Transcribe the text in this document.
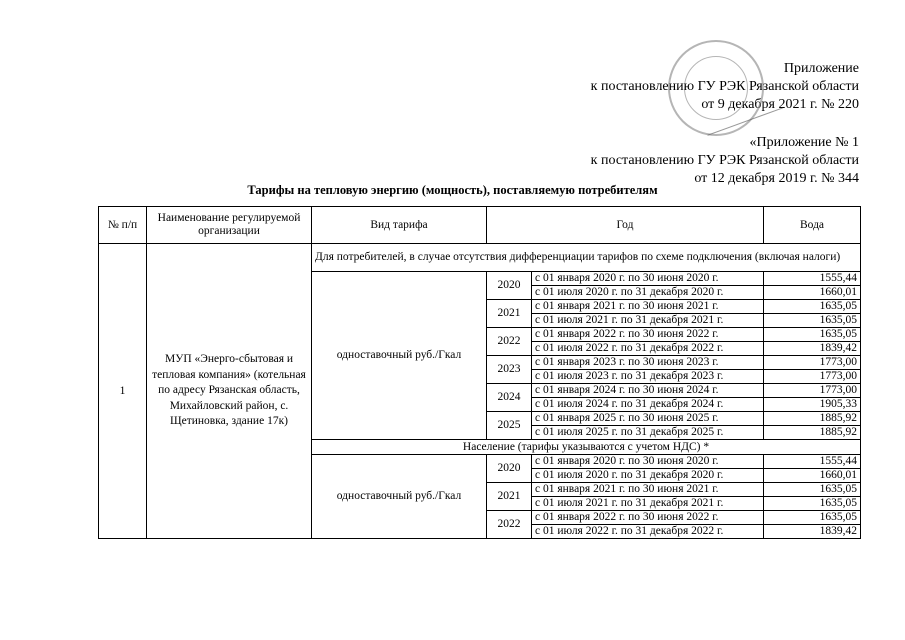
Приложение
к постановлению ГУ РЭК Рязанской области
от 9 декабря 2021 г. № 220
«Приложение № 1
к постановлению ГУ РЭК Рязанской области
от 12 декабря 2019 г. № 344
Тарифы на тепловую энергию (мощность), поставляемую потребителям
№ п/п	Наименование регулируемой организации	Вид тарифа	Год		Вода
1	МУП «Энерго-сбытовая и тепловая компания» (котельная по адресу Рязанская область, Михайловский район, с. Щетиновка, здание 17к)	Для потребителей, в случае отсутствия дифференциации тарифов по схеме подключения (включая налоги)			
		одноставочный руб./Гкал	2020	с 01 января 2020 г. по 30 июня 2020 г.	1555,44
				с 01 июля 2020 г. по 31 декабря 2020 г.	1660,01
			2021	с 01 января 2021 г. по 30 июня 2021 г.	1635,05
				с 01 июля 2021 г. по 31 декабря 2021 г.	1635,05
			2022	с 01 января 2022 г. по 30 июня 2022 г.	1635,05
				с 01 июля 2022 г. по 31 декабря 2022 г.	1839,42
			2023	с 01 января 2023 г. по 30 июня 2023 г.	1773,00
				с 01 июля 2023 г. по 31 декабря 2023 г.	1773,00
			2024	с 01 января 2024 г. по 30 июня 2024 г.	1773,00
				с 01 июля 2024 г. по 31 декабря 2024 г.	1905,33
			2025	с 01 января 2025 г. по 30 июня 2025 г.	1885,92
				с 01 июля 2025 г. по 31 декабря 2025 г.	1885,92
		Население (тарифы указываются с учетом НДС) *			
		одноставочный руб./Гкал	2020	с 01 января 2020 г. по 30 июня 2020 г.	1555,44
				с 01 июля 2020 г. по 31 декабря 2020 г.	1660,01
			2021	с 01 января 2021 г. по 30 июня 2021 г.	1635,05
				с 01 июля 2021 г. по 31 декабря 2021 г.	1635,05
			2022	с 01 января 2022 г. по 30 июня 2022 г.	1635,05
				с 01 июля 2022 г. по 31 декабря 2022 г.	1839,42
